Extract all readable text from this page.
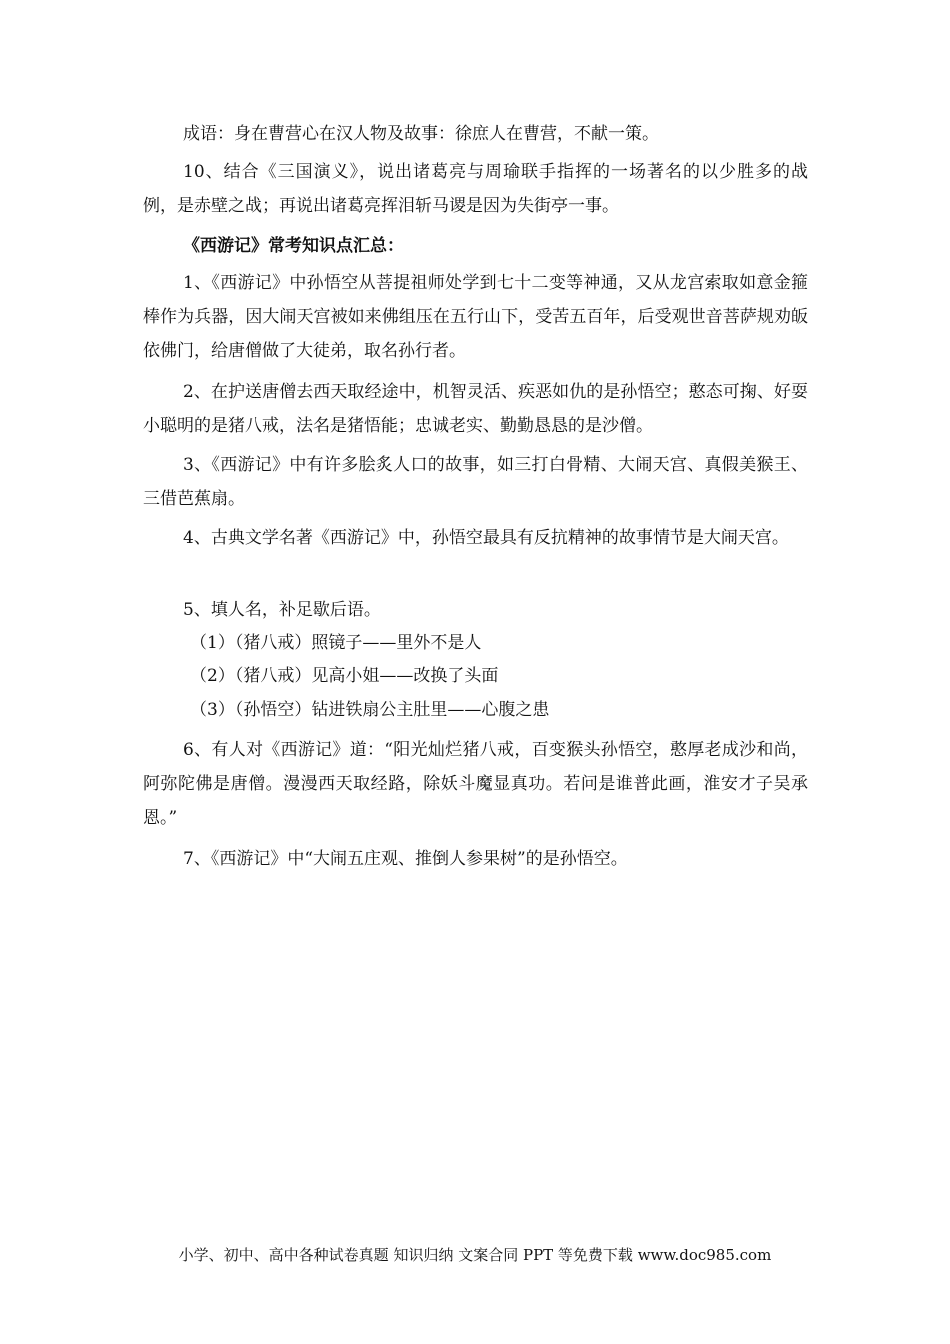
成语：身在曹营心在汉人物及故事：徐庶人在曹营，不献一策。
10、结合《三国演义》，说出诸葛亮与周瑜联手指挥的一场著名的以少胜多的战例，是赤壁之战；再说出诸葛亮挥泪斩马谡是因为失街亭一事。
《西游记》常考知识点汇总：
1、《西游记》中孙悟空从菩提祖师处学到七十二变等神通，又从龙宫索取如意金箍棒作为兵器，因大闹天宫被如来佛组压在五行山下，受苦五百年，后受观世音菩萨规劝皈依佛门，给唐僧做了大徒弟，取名孙行者。
2、在护送唐僧去西天取经途中，机智灵活、疾恶如仇的是孙悟空；憨态可掬、好耍小聪明的是猪八戒，法名是猪悟能；忠诚老实、勤勤恳恳的是沙僧。
3、《西游记》中有许多脍炙人口的故事，如三打白骨精、大闹天宫、真假美猴王、三借芭蕉扇。
4、古典文学名著《西游记》中，孙悟空最具有反抗精神的故事情节是大闹天宫。
5、填人名，补足歇后语。
（1）（猪八戒）照镜子——里外不是人
（2）（猪八戒）见高小姐——改换了头面
（3）（孙悟空）钻进铁扇公主肚里——心腹之患
6、有人对《西游记》道：“阳光灿烂猪八戒，百变猴头孙悟空，憨厚老成沙和尚，阿弥陀佛是唐僧。漫漫西天取经路，除妖斗魔显真功。若问是谁普此画，淮安才子吴承恩。”
7、《西游记》中“大闹五庄观、推倒人参果树”的是孙悟空。
小学、初中、高中各种试卷真题 知识归纳 文案合同 PPT 等免费下载 www.doc985.com
